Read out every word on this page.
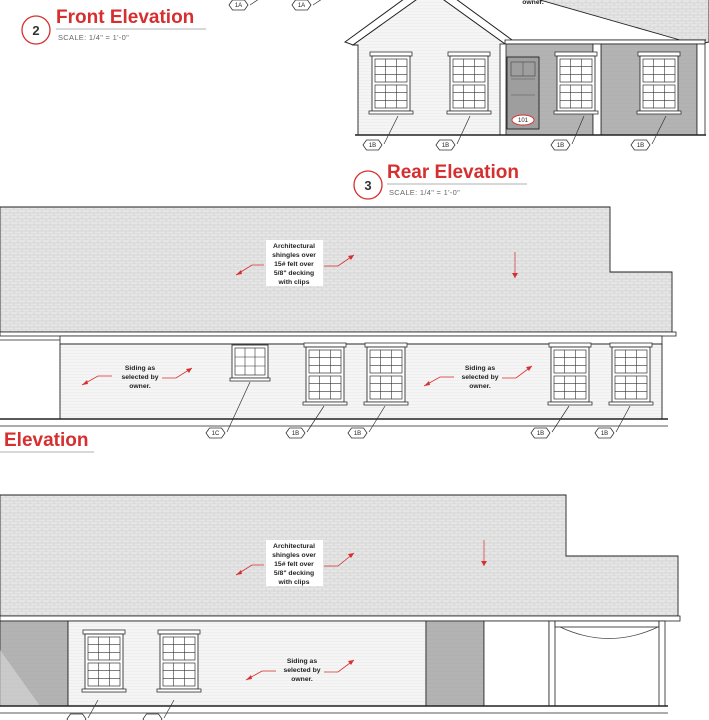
1A	1A
2
Front Elevation
SCALE: 1/4" = 1'-0"
owner.
101
1B	1B	1B	1B
3
Rear Elevation
SCALE: 1/4" = 1'-0"
Architectural
shingles over
15# felt over
5/8" decking
with clips
Siding as
selected by
owner.
Siding as
selected by
owner.
1C	1B	1B	1B	1B
Elevation
Architectural
shingles over
15# felt over
5/8" decking
with clips
Siding as
selected by
owner.
